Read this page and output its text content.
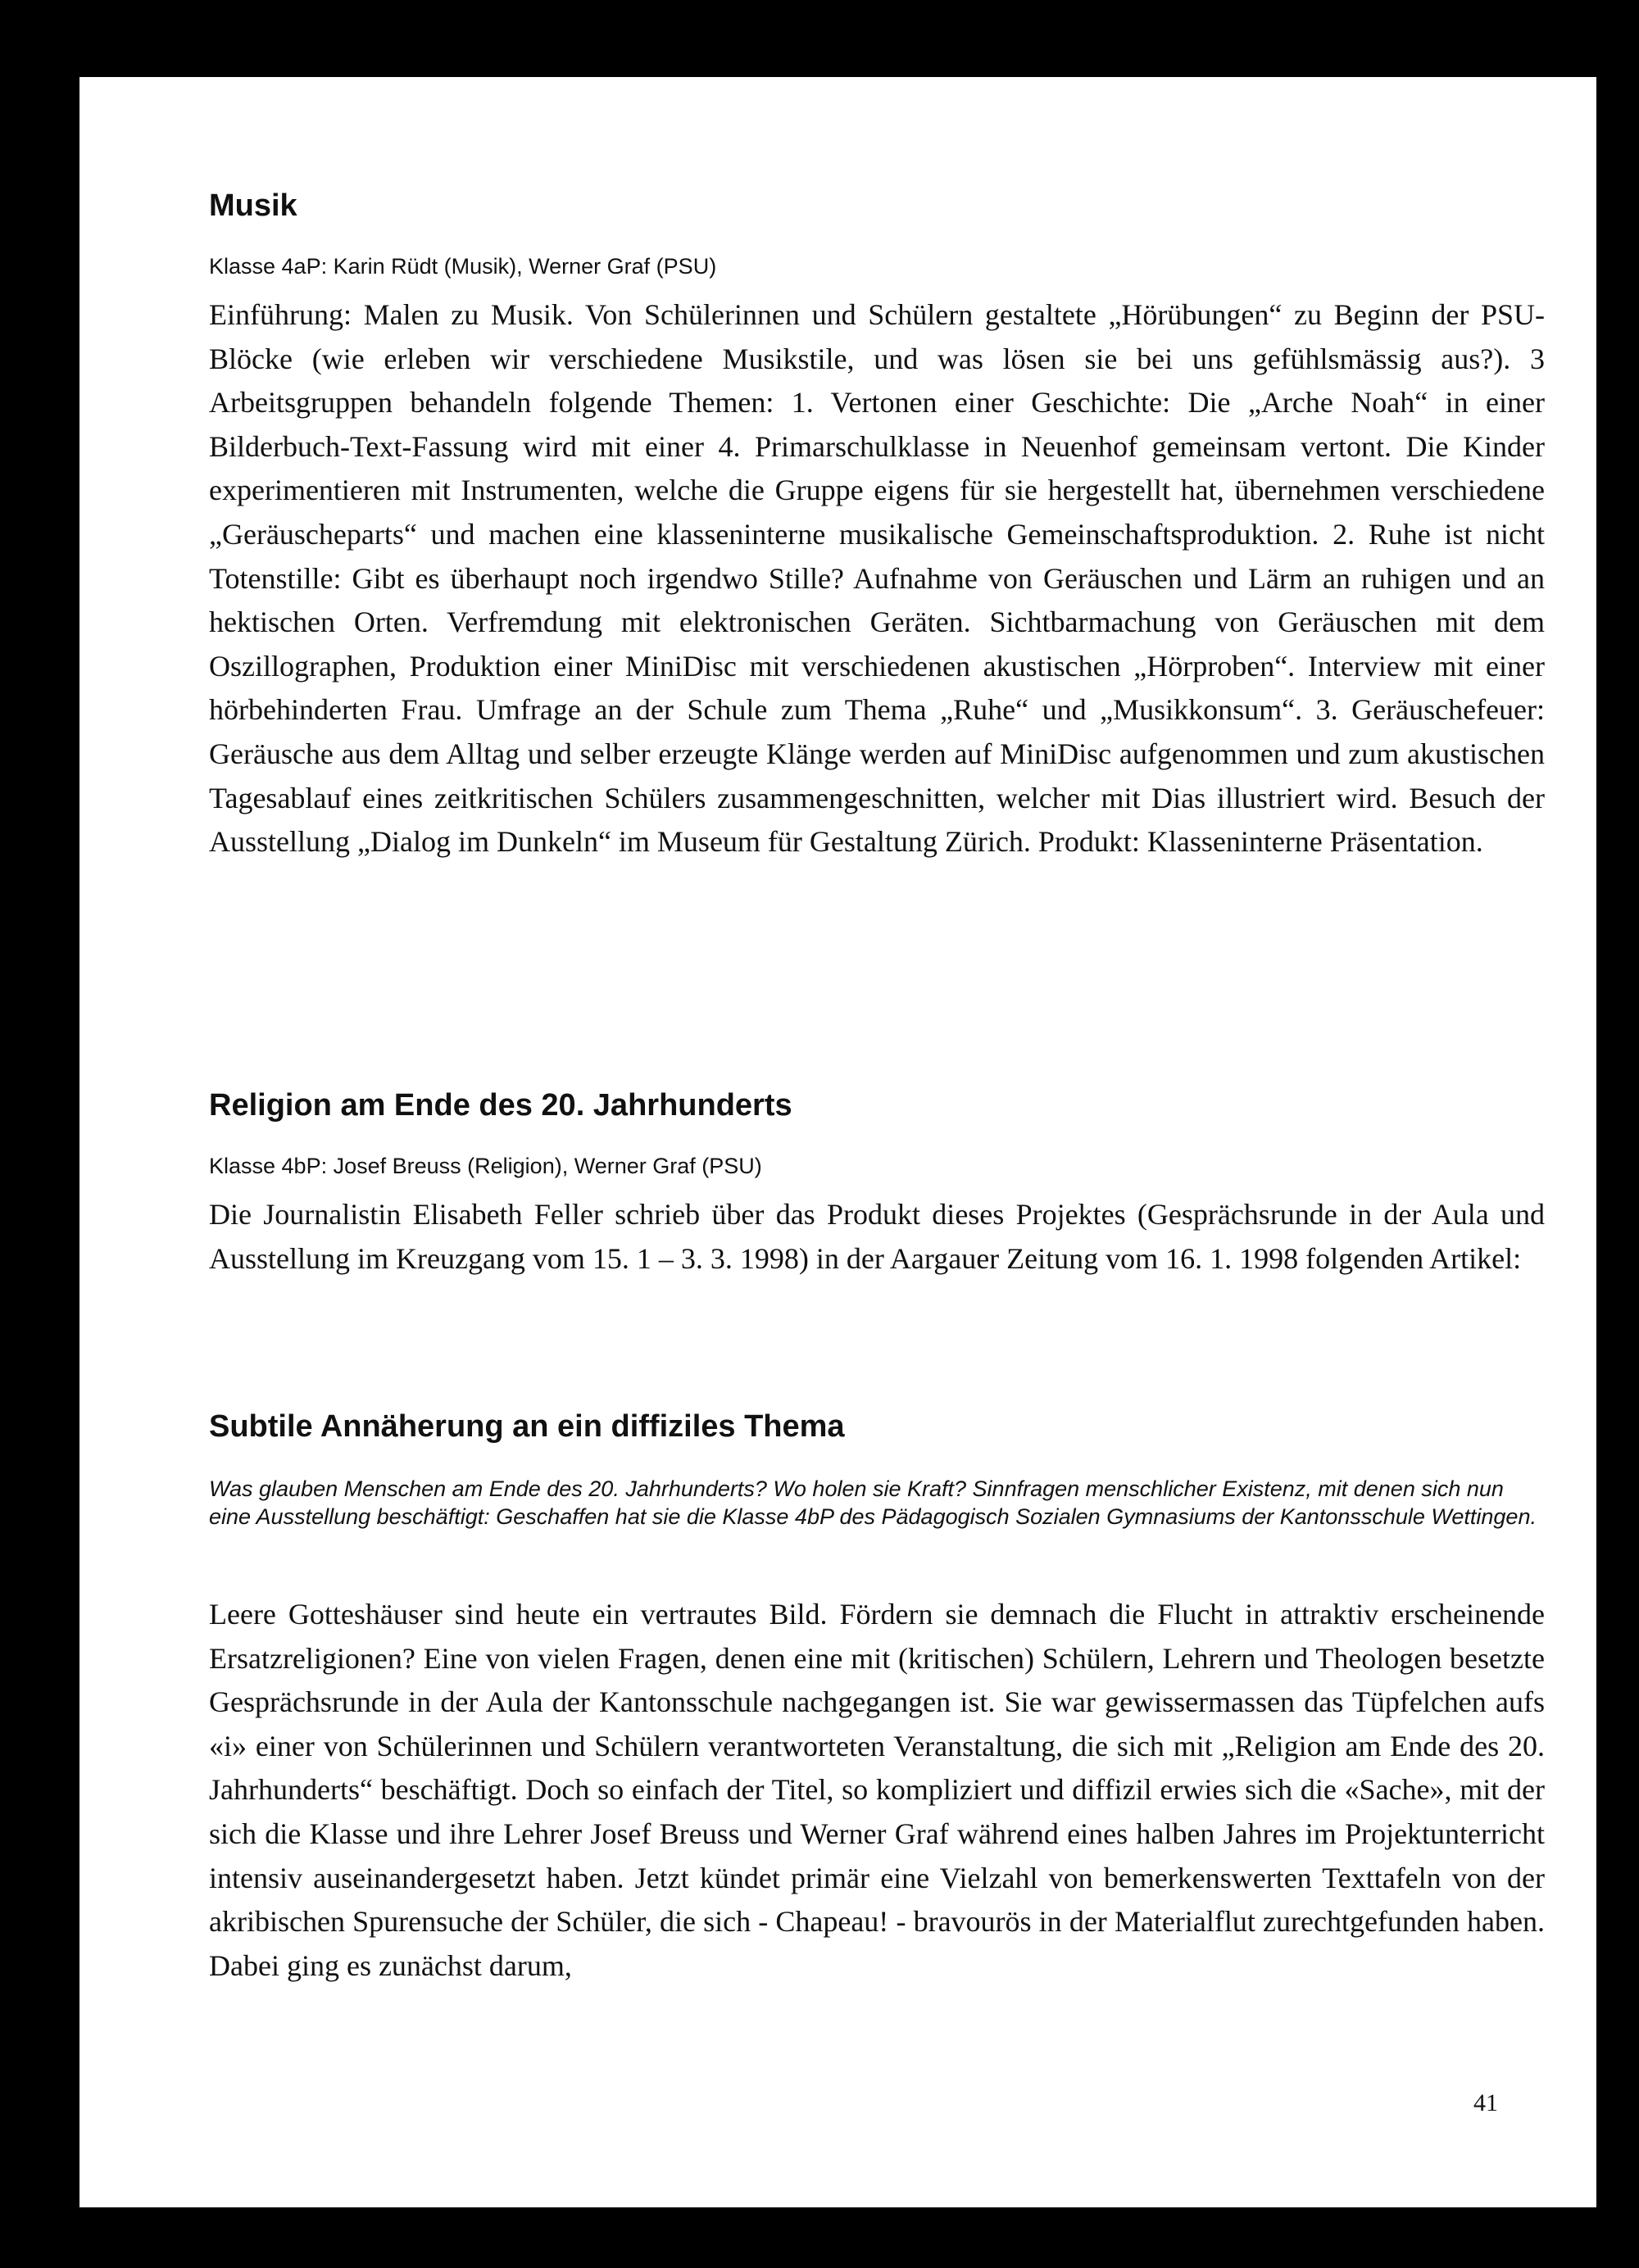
Musik

Klasse 4aP: Karin Rüdt (Musik), Werner Graf (PSU)

Einführung: Malen zu Musik. Von Schülerinnen und Schülern gestaltete „Hörübungen“ zu Beginn der PSU-Blöcke (wie erleben wir verschiedene Musikstile, und was lösen sie bei uns gefühlsmässig aus?). 3 Arbeitsgruppen behandeln folgende Themen: 1. Vertonen einer Geschichte: Die „Arche Noah“ in einer Bilderbuch-Text-Fassung wird mit einer 4. Primarschulklasse in Neuenhof gemeinsam vertont. Die Kinder experimentieren mit Instrumenten, welche die Gruppe eigens für sie hergestellt hat, übernehmen verschiedene „Geräuscheparts“ und machen eine klasseninterne musikalische Gemeinschaftsproduktion. 2. Ruhe ist nicht Totenstille: Gibt es überhaupt noch irgendwo Stille? Aufnahme von Geräuschen und Lärm an ruhigen und an hektischen Orten. Verfremdung mit elektronischen Geräten. Sichtbarmachung von Geräuschen mit dem Oszillographen, Produktion einer MiniDisc mit verschiedenen akustischen „Hörproben“. Interview mit einer hörbehinderten Frau. Umfrage an der Schule zum Thema „Ruhe“ und „Musikkonsum“. 3. Geräuschefeuer: Geräusche aus dem Alltag und selber erzeugte Klänge werden auf MiniDisc aufgenommen und zum akustischen Tagesablauf eines zeitkritischen Schülers zusammengeschnitten, welcher mit Dias illustriert wird. Besuch der Ausstellung „Dialog im Dunkeln“ im Museum für Gestaltung Zürich. Produkt: Klasseninterne Präsentation.

Religion am Ende des 20. Jahrhunderts

Klasse 4bP: Josef Breuss (Religion), Werner Graf (PSU)

Die Journalistin Elisabeth Feller schrieb über das Produkt dieses Projektes (Gesprächsrunde in der Aula und Ausstellung im Kreuzgang vom 15. 1 – 3. 3. 1998) in der Aargauer Zeitung vom 16. 1. 1998 folgenden Artikel:

Subtile Annäherung an ein diffiziles Thema

Was glauben Menschen am Ende des 20. Jahrhunderts? Wo holen sie Kraft? Sinnfragen menschlicher Existenz, mit denen sich nun eine Ausstellung beschäftigt: Geschaffen hat sie die Klasse 4bP des Pädagogisch Sozialen Gymnasiums der Kantonsschule Wettingen.

Leere Gotteshäuser sind heute ein vertrautes Bild. Fördern sie demnach die Flucht in attraktiv erscheinende Ersatzreligionen? Eine von vielen Fragen, denen eine mit (kritischen) Schülern, Lehrern und Theologen besetzte Gesprächsrunde in der Aula der Kantonsschule nachgegangen ist. Sie war gewissermassen das Tüpfelchen aufs «i» einer von Schülerinnen und Schülern verantworteten Veranstaltung, die sich mit „Religion am Ende des 20. Jahrhunderts“ beschäftigt. Doch so einfach der Titel, so kompliziert und diffizil erwies sich die «Sache», mit der sich die Klasse und ihre Lehrer Josef Breuss und Werner Graf während eines halben Jahres im Projektunterricht intensiv auseinandergesetzt haben. Jetzt kündet primär eine Vielzahl von bemerkenswerten Texttafeln von der akribischen Spurensuche der Schüler, die sich - Chapeau! - bravourös in der Materialflut zurechtgefunden haben. Dabei ging es zunächst darum,

41
